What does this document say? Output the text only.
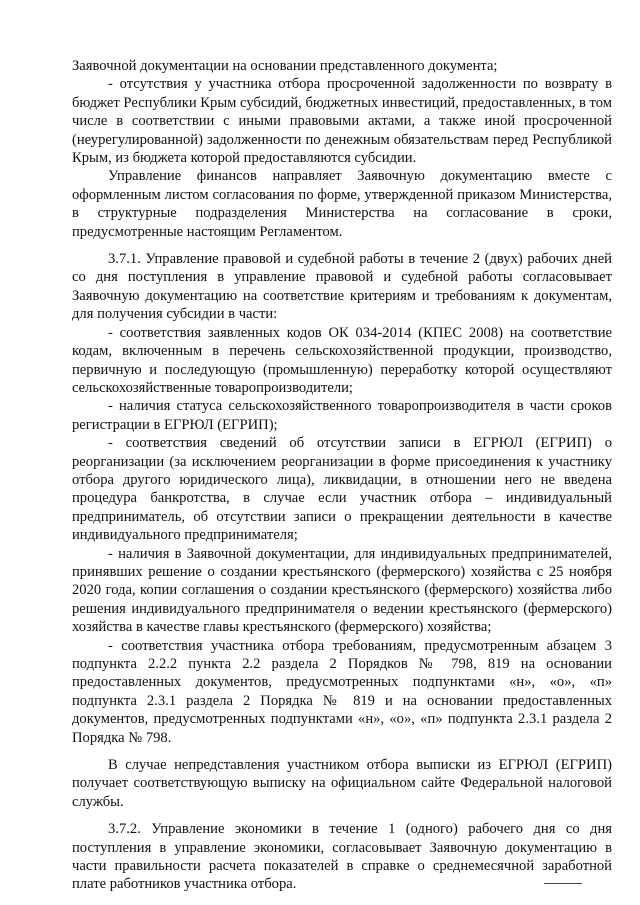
Заявочной документации на основании представленного документа;

- отсутствия у участника отбора просроченной задолженности по возврату в бюджет Республики Крым субсидий, бюджетных инвестиций, предоставленных, в том числе в соответствии с иными правовыми актами, а также иной просроченной (неурегулированной) задолженности по денежным обязательствам перед Республикой Крым, из бюджета которой предоставляются субсидии.

Управление финансов направляет Заявочную документацию вместе с оформленным листом согласования по форме, утвержденной приказом Министерства, в структурные подразделения Министерства на согласование в сроки, предусмотренные настоящим Регламентом.

3.7.1. Управление правовой и судебной работы в течение 2 (двух) рабочих дней со дня поступления в управление правовой и судебной работы согласовывает Заявочную документацию на соответствие критериям и требованиям к документам, для получения субсидии в части:

- соответствия заявленных кодов ОК 034-2014 (КПЕС 2008) на соответствие кодам, включенным в перечень сельскохозяйственной продукции, производство, первичную и последующую (промышленную) переработку которой осуществляют сельскохозяйственные товаропроизводители;

- наличия статуса сельскохозяйственного товаропроизводителя в части сроков регистрации в ЕГРЮЛ (ЕГРИП);

- соответствия сведений об отсутствии записи в ЕГРЮЛ (ЕГРИП) о реорганизации (за исключением реорганизации в форме присоединения к участнику отбора другого юридического лица), ликвидации, в отношении него не введена процедура банкротства, в случае если участник отбора – индивидуальный предприниматель, об отсутствии записи о прекращении деятельности в качестве индивидуального предпринимателя;

- наличия в Заявочной документации, для индивидуальных предпринимателей, принявших решение о создании крестьянского (фермерского) хозяйства с 25 ноября 2020 года, копии соглашения о создании крестьянского (фермерского) хозяйства либо решения индивидуального предпринимателя о ведении крестьянского (фермерского) хозяйства в качестве главы крестьянского (фермерского) хозяйства;

- соответствия участника отбора требованиям, предусмотренным абзацем 3 подпункта 2.2.2 пункта 2.2 раздела 2 Порядков № 798, 819 на основании предоставленных документов, предусмотренных подпунктами «н», «о», «п» подпункта 2.3.1 раздела 2 Порядка № 819 и на основании предоставленных документов, предусмотренных подпунктами «н», «о», «п» подпункта 2.3.1 раздела 2 Порядка № 798.

В случае непредставления участником отбора выписки из ЕГРЮЛ (ЕГРИП) получает соответствующую выписку на официальном сайте Федеральной налоговой службы.

3.7.2. Управление экономики в течение 1 (одного) рабочего дня со дня поступления в управление экономики, согласовывает Заявочную документацию в части правильности расчета показателей в справке о среднемесячной заработной плате работников участника отбора.
